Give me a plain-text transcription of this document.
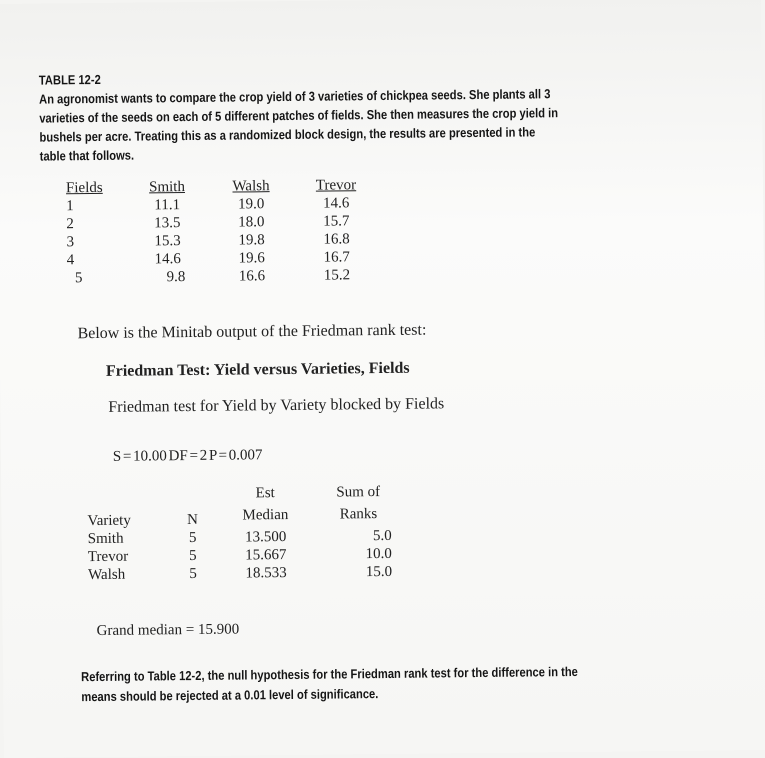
TABLE 12-2
An agronomist wants to compare the crop yield of 3 varieties of chickpea seeds. She plants all 3
varieties of the seeds on each of 5 different patches of fields. She then measures the crop yield in
bushels per acre. Treating this as a randomized block design, the results are presented in the
table that follows.
Fields	Smith	Walsh	Trevor
1	11.1	19.0	14.6
2	13.5	18.0	15.7
3	15.3	19.8	16.8
4	14.6	19.6	16.7
5	9.8	16.6	15.2
Below is the Minitab output of the Friedman rank test:
Friedman Test: Yield versus Varieties, Fields
Friedman test for Yield by Variety blocked by Fields
S = 10.00 DF = 2 P = 0.007
		Est	Sum of
Variety	N	Median	Ranks
Smith	5	13.500	5.0
Trevor	5	15.667	10.0
Walsh	5	18.533	15.0
Grand median = 15.900
Referring to Table 12-2, the null hypothesis for the Friedman rank test for the difference in the
means should be rejected at a 0.01 level of significance.
